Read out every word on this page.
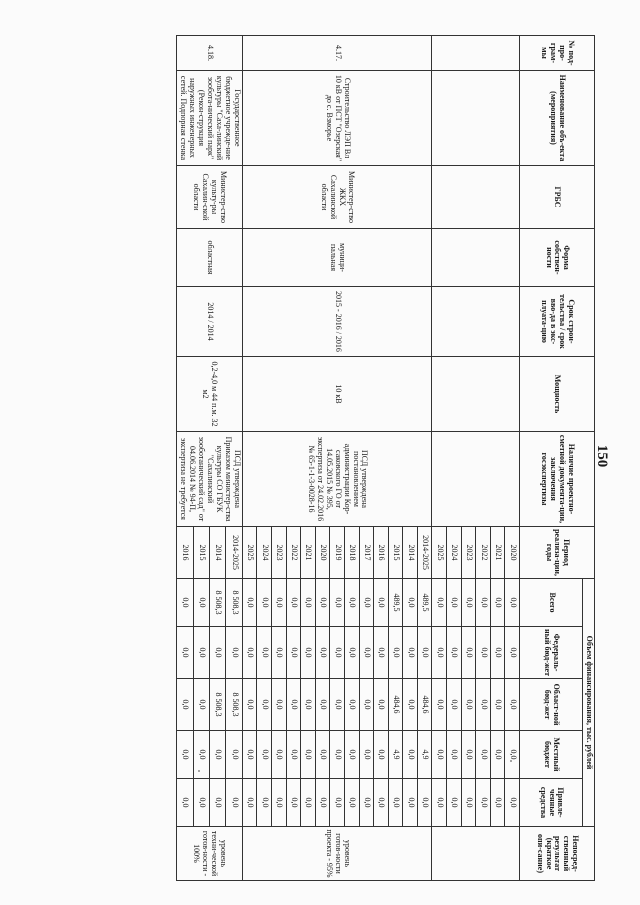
150
№ под-про-грам-мы	Наименование объ-екта (мероприятия)	ГРБС	Форма собствен-ности	Срок строи-тельства / срок вво-да в экс-плуата-цию	Мощность	Наличие проектно-сметной документа-ции, заключения госэкспертизы	Период реализа-ции, годы	Объем финансирования, тыс. рублей					Непосред-ственный результат (краткое опи-сание)
								Всего	Федераль-ный бюд-жет	Област-ной бюд-жет	Местный бюджет	Привле-ченные средства	
							2020	0,0	0,0	0,0	0,0	0,0	
							2021	0,0	0,0	0,0	0,0	0,0	
							2022	0,0	0,0	0,0	0,0	0,0	
							2023	0,0	0,0	0,0	0,0	0,0	
							2024	0,0	0,0	0,0	0,0	0,0	
							2025	0,0	0,0	0,0	0,0	0,0	
4.17.	Строительство ЛЭП Вл 10 кВ от ПСТ "Озерская" до с. Взморье	Министер-ство ЖКХ Сахалинской области	муници-пальная	2015 - 2016 / 2016	10 кВ	ПСД утверждена постановлением администрации Кор-саковского ГО от 14.05.2015 № 395, экспертиза от 24.02.2016 № 65-1-1-3-0028-16	2014-2025	489,5	0,0	484,6	4,9	0,0	уровень готов-ности проекта - 95%
							2014	0,0	0,0	0,0	0,0	0,0	
							2015	489,5	0,0	484,6	4,9	0,0	
							2016	0,0	0,0	0,0	0,0	0,0	
							2017	0,0	0,0	0,0	0,0	0,0	
							2018	0,0	0,0	0,0	0,0	0,0	
							2019	0,0	0,0	0,0	0,0	0,0	
							2020	0,0	0,0	0,0	0,0	0,0	
							2021	0,0	0,0	0,0	0,0	0,0	
							2022	0,0	0,0	0,0	0,0	0,0	
							2023	0,0	0,0	0,0	0,0	0,0	
							2024	0,0	0,0	0,0	0,0	0,0	
							2025	0,0	0,0	0,0	0,0	0,0	
4.18.	Государственное бюджетное учрежде-ние культуры "Саха-линский зообота-нический парк" (Рекон-струкция наружных инженерных сетей. Подпорная стенка	Министер-ство культу-ры Сахалин-ской области	областная	2014 / 2014	0,2-4,0 м 44 п.м. 32 м2	ПСД утверждена Приказом министер-ства культуры СО ГБУК "Сахалинский зооботанический сад" от 04.06.2014 № 94-П, экспертиза не требуется	2014-2025	8 508,3	0,0	8 508,3	0,0	0,0	уровень техни-ческой готов-ности - 100%
							2014	8 508,3	0,0	8 508,3	0,0	0,0	
							2015	0,0	0,0	0,0	0,0	0,0	
							2016	0,0	0,0	0,0	0,0	0,0	
